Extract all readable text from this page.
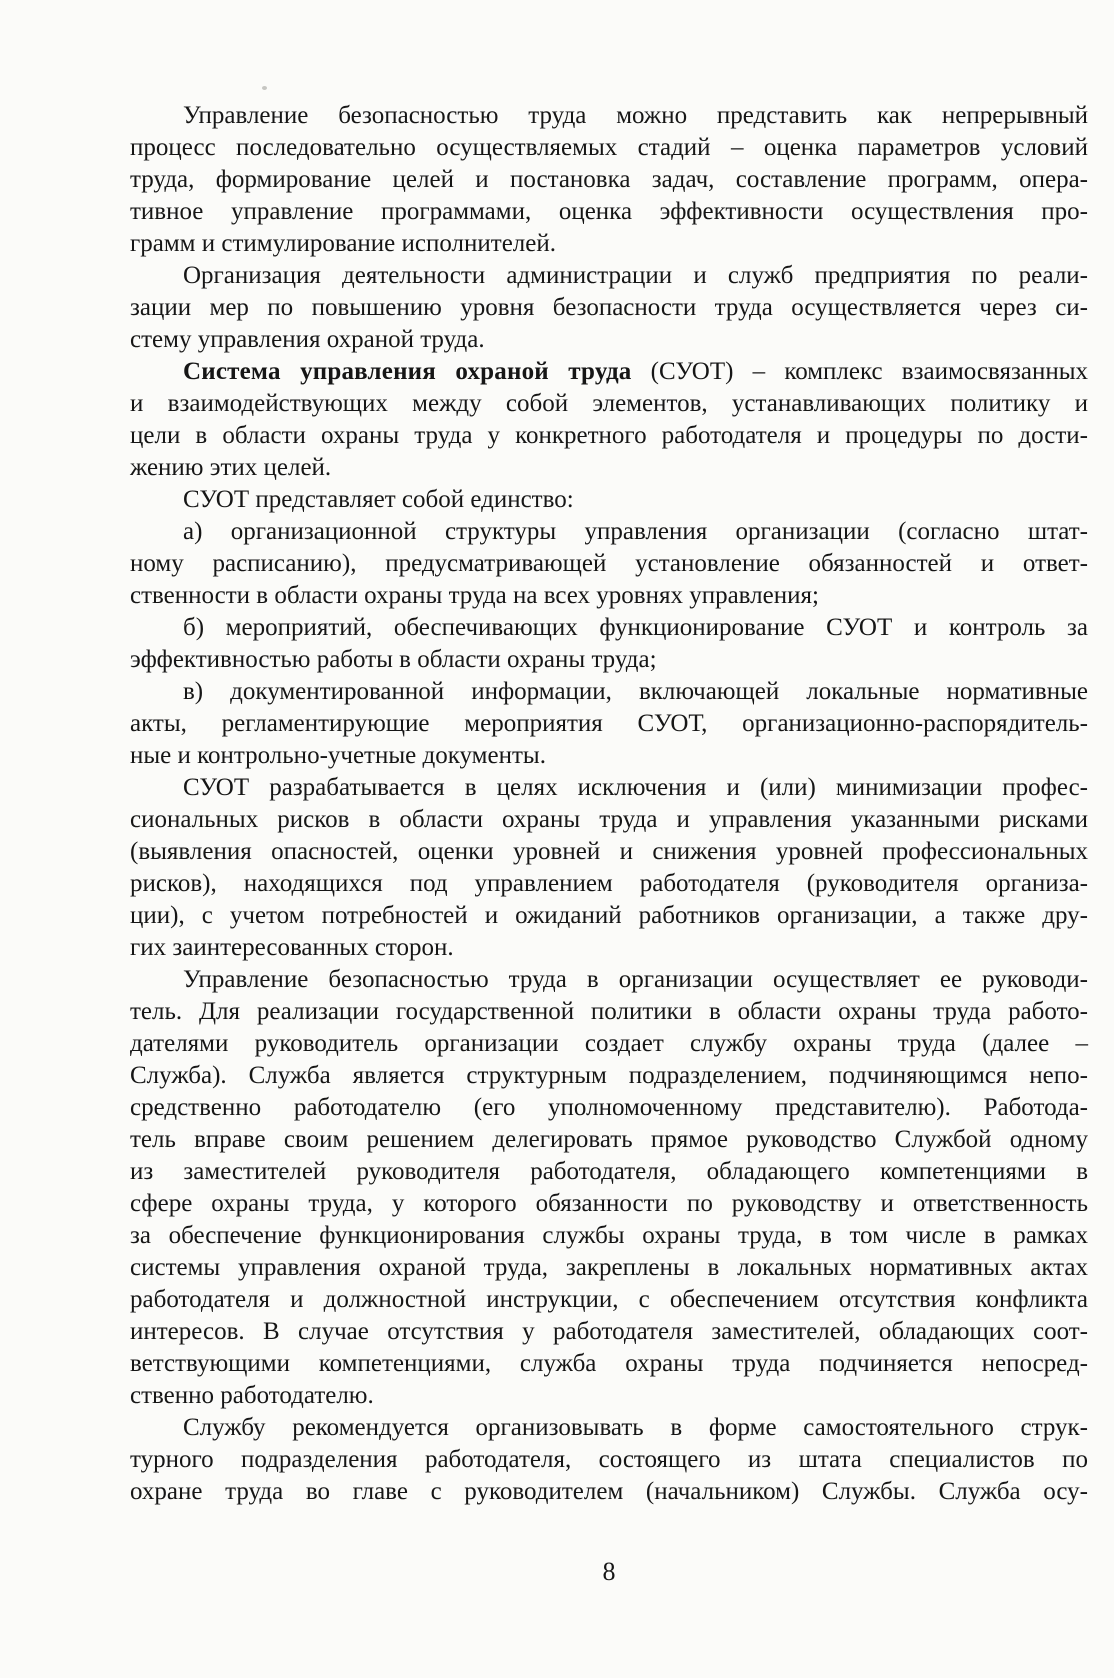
Управление безопасностью труда можно представить как непрерывный
процесс последовательно осуществляемых стадий – оценка параметров условий
труда, формирование целей и постановка задач, составление программ, опера-
тивное управление программами, оценка эффективности осуществления про-
грамм и стимулирование исполнителей.
Организация деятельности администрации и служб предприятия по реали-
зации мер по повышению уровня безопасности труда осуществляется через си-
стему управления охраной труда.
Система управления охраной труда (СУОТ) – комплекс взаимосвязанных
и взаимодействующих между собой элементов, устанавливающих политику и
цели в области охраны труда у конкретного работодателя и процедуры по дости-
жению этих целей.
СУОТ представляет собой единство:
а) организационной структуры управления организации (согласно штат-
ному расписанию), предусматривающей установление обязанностей и ответ-
ственности в области охраны труда на всех уровнях управления;
б) мероприятий, обеспечивающих функционирование СУОТ и контроль за
эффективностью работы в области охраны труда;
в) документированной информации, включающей локальные нормативные
акты, регламентирующие мероприятия СУОТ, организационно-распорядитель-
ные и контрольно-учетные документы.
СУОТ разрабатывается в целях исключения и (или) минимизации профес-
сиональных рисков в области охраны труда и управления указанными рисками
(выявления опасностей, оценки уровней и снижения уровней профессиональных
рисков), находящихся под управлением работодателя (руководителя организа-
ции), с учетом потребностей и ожиданий работников организации, а также дру-
гих заинтересованных сторон.
Управление безопасностью труда в организации осуществляет ее руководи-
тель. Для реализации государственной политики в области охраны труда работо-
дателями руководитель организации создает службу охраны труда (далее –
Служба). Служба является структурным подразделением, подчиняющимся непо-
средственно работодателю (его уполномоченному представителю). Работода-
тель вправе своим решением делегировать прямое руководство Службой одному
из заместителей руководителя работодателя, обладающего компетенциями в
сфере охраны труда, у которого обязанности по руководству и ответственность
за обеспечение функционирования службы охраны труда, в том числе в рамках
системы управления охраной труда, закреплены в локальных нормативных актах
работодателя и должностной инструкции, с обеспечением отсутствия конфликта
интересов. В случае отсутствия у работодателя заместителей, обладающих соот-
ветствующими компетенциями, служба охраны труда подчиняется непосред-
ственно работодателю.
Службу рекомендуется организовывать в форме самостоятельного струк-
турного подразделения работодателя, состоящего из штата специалистов по
охране труда во главе с руководителем (начальником) Службы. Служба осу-
8
